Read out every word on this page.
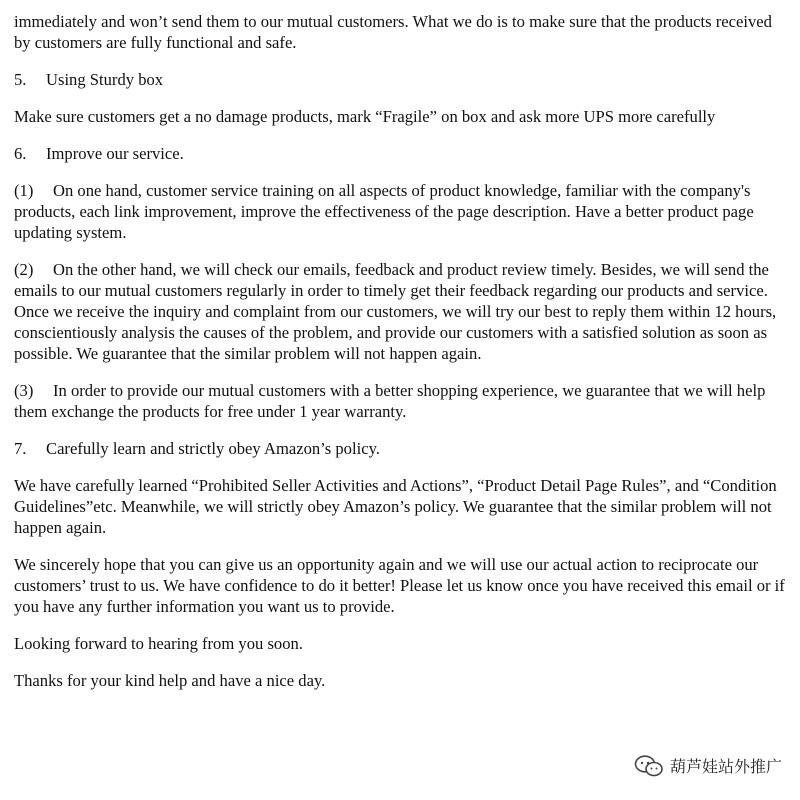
immediately and won’t send them to our mutual customers. What we do is to make sure that the products received by customers are fully functional and safe.

5. Using Sturdy box

Make sure customers get a no damage products, mark “Fragile” on box and ask more UPS more carefully

6. Improve our service.

(1) On one hand, customer service training on all aspects of product knowledge, familiar with the company's products, each link improvement, improve the effectiveness of the page description. Have a better product page updating system.

(2) On the other hand, we will check our emails, feedback and product review timely. Besides, we will send the emails to our mutual customers regularly in order to timely get their feedback regarding our products and service. Once we receive the inquiry and complaint from our customers, we will try our best to reply them within 12 hours, conscientiously analysis the causes of the problem, and provide our customers with a satisfied solution as soon as possible. We guarantee that the similar problem will not happen again.

(3) In order to provide our mutual customers with a better shopping experience, we guarantee that we will help them exchange the products for free under 1 year warranty.

7. Carefully learn and strictly obey Amazon’s policy.

We have carefully learned “Prohibited Seller Activities and Actions”, “Product Detail Page Rules”, and “Condition Guidelines”etc. Meanwhile, we will strictly obey Amazon’s policy. We guarantee that the similar problem will not happen again.

We sincerely hope that you can give us an opportunity again and we will use our actual action to reciprocate our customers’ trust to us. We have confidence to do it better! Please let us know once you have received this email or if you have any further information you want us to provide.

Looking forward to hearing from you soon.

Thanks for your kind help and have a nice day.

葫芦娃站外推广
